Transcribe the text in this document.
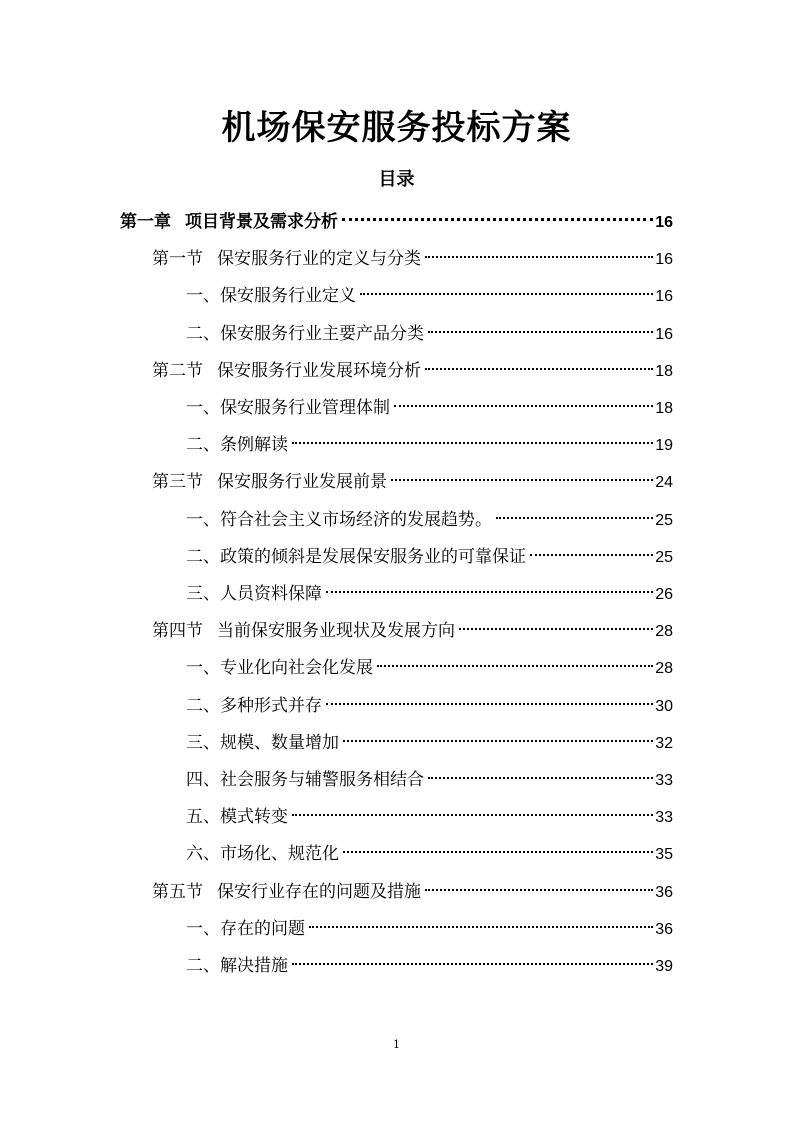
机场保安服务投标方案
目录
第一章 项目背景及需求分析	16
第一节 保安服务行业的定义与分类	16
一、保安服务行业定义	16
二、保安服务行业主要产品分类	16
第二节 保安服务行业发展环境分析	18
一、保安服务行业管理体制	18
二、条例解读	19
第三节 保安服务行业发展前景	24
一、符合社会主义市场经济的发展趋势。	25
二、政策的倾斜是发展保安服务业的可靠保证	25
三、人员资料保障	26
第四节 当前保安服务业现状及发展方向	28
一、专业化向社会化发展	28
二、多种形式并存	30
三、规模、数量增加	32
四、社会服务与辅警服务相结合	33
五、模式转变	33
六、市场化、规范化	35
第五节 保安行业存在的问题及措施	36
一、存在的问题	36
二、解决措施	39
1
